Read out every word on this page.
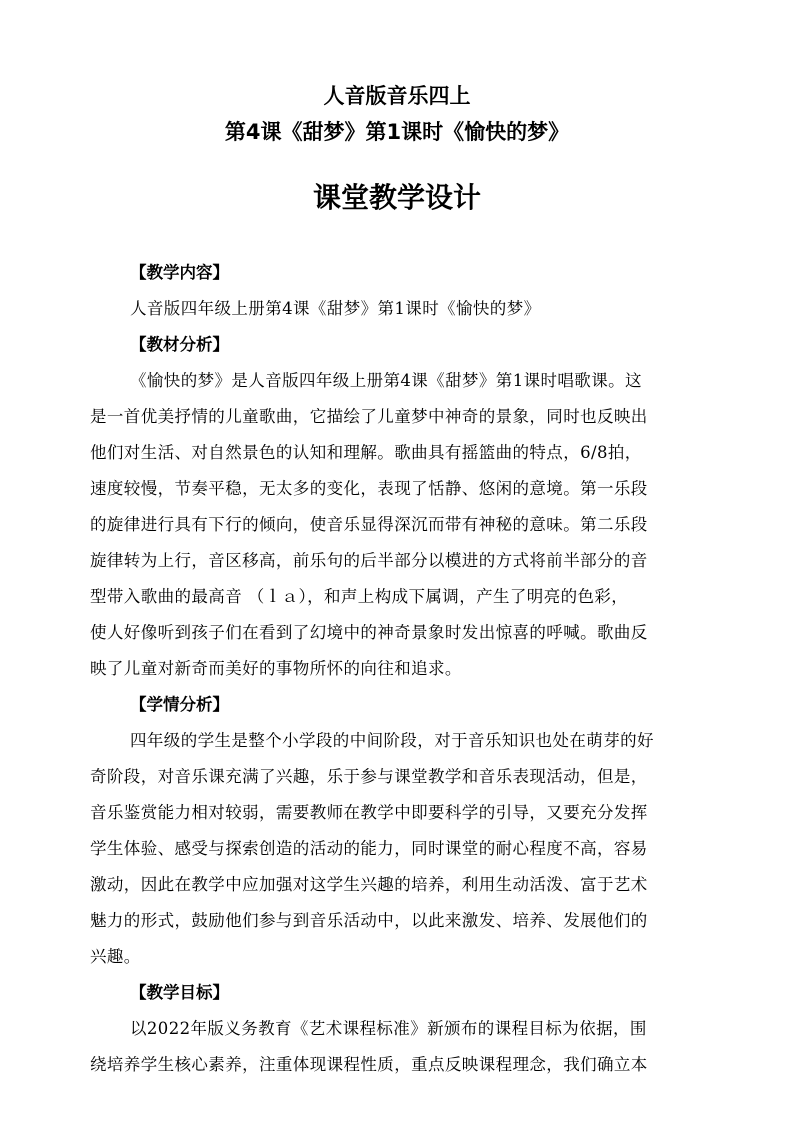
人音版音乐四上
第4课《甜梦》第1课时《愉快的梦》
课堂教学设计
【教学内容】
人音版四年级上册第4课《甜梦》第1课时《愉快的梦》
【教材分析】
《愉快的梦》是人音版四年级上册第4课《甜梦》第1课时唱歌课。这
是一首优美抒情的儿童歌曲，它描绘了儿童梦中神奇的景象，同时也反映出
他们对生活、对自然景色的认知和理解。歌曲具有摇篮曲的特点，6/8拍，
速度较慢，节奏平稳，无太多的变化，表现了恬静、悠闲的意境。第一乐段
的旋律进行具有下行的倾向，使音乐显得深沉而带有神秘的意味。第二乐段
旋律转为上行，音区移高，前乐句的后半部分以模进的方式将前半部分的音
型带入歌曲的最高音 （ｌａ），和声上构成下属调，产生了明亮的色彩，
使人好像听到孩子们在看到了幻境中的神奇景象时发出惊喜的呼喊。歌曲反
映了儿童对新奇而美好的事物所怀的向往和追求。
【学情分析】
四年级的学生是整个小学段的中间阶段，对于音乐知识也处在萌芽的好
奇阶段，对音乐课充满了兴趣，乐于参与课堂教学和音乐表现活动，但是，
音乐鉴赏能力相对较弱，需要教师在教学中即要科学的引导，又要充分发挥
学生体验、感受与探索创造的活动的能力，同时课堂的耐心程度不高，容易
激动，因此在教学中应加强对这学生兴趣的培养，利用生动活泼、富于艺术
魅力的形式，鼓励他们参与到音乐活动中，以此来激发、培养、发展他们的
兴趣。
【教学目标】
以2022年版义务教育《艺术课程标准》新颁布的课程目标为依据，围
绕培养学生核心素养，注重体现课程性质，重点反映课程理念，我们确立本
